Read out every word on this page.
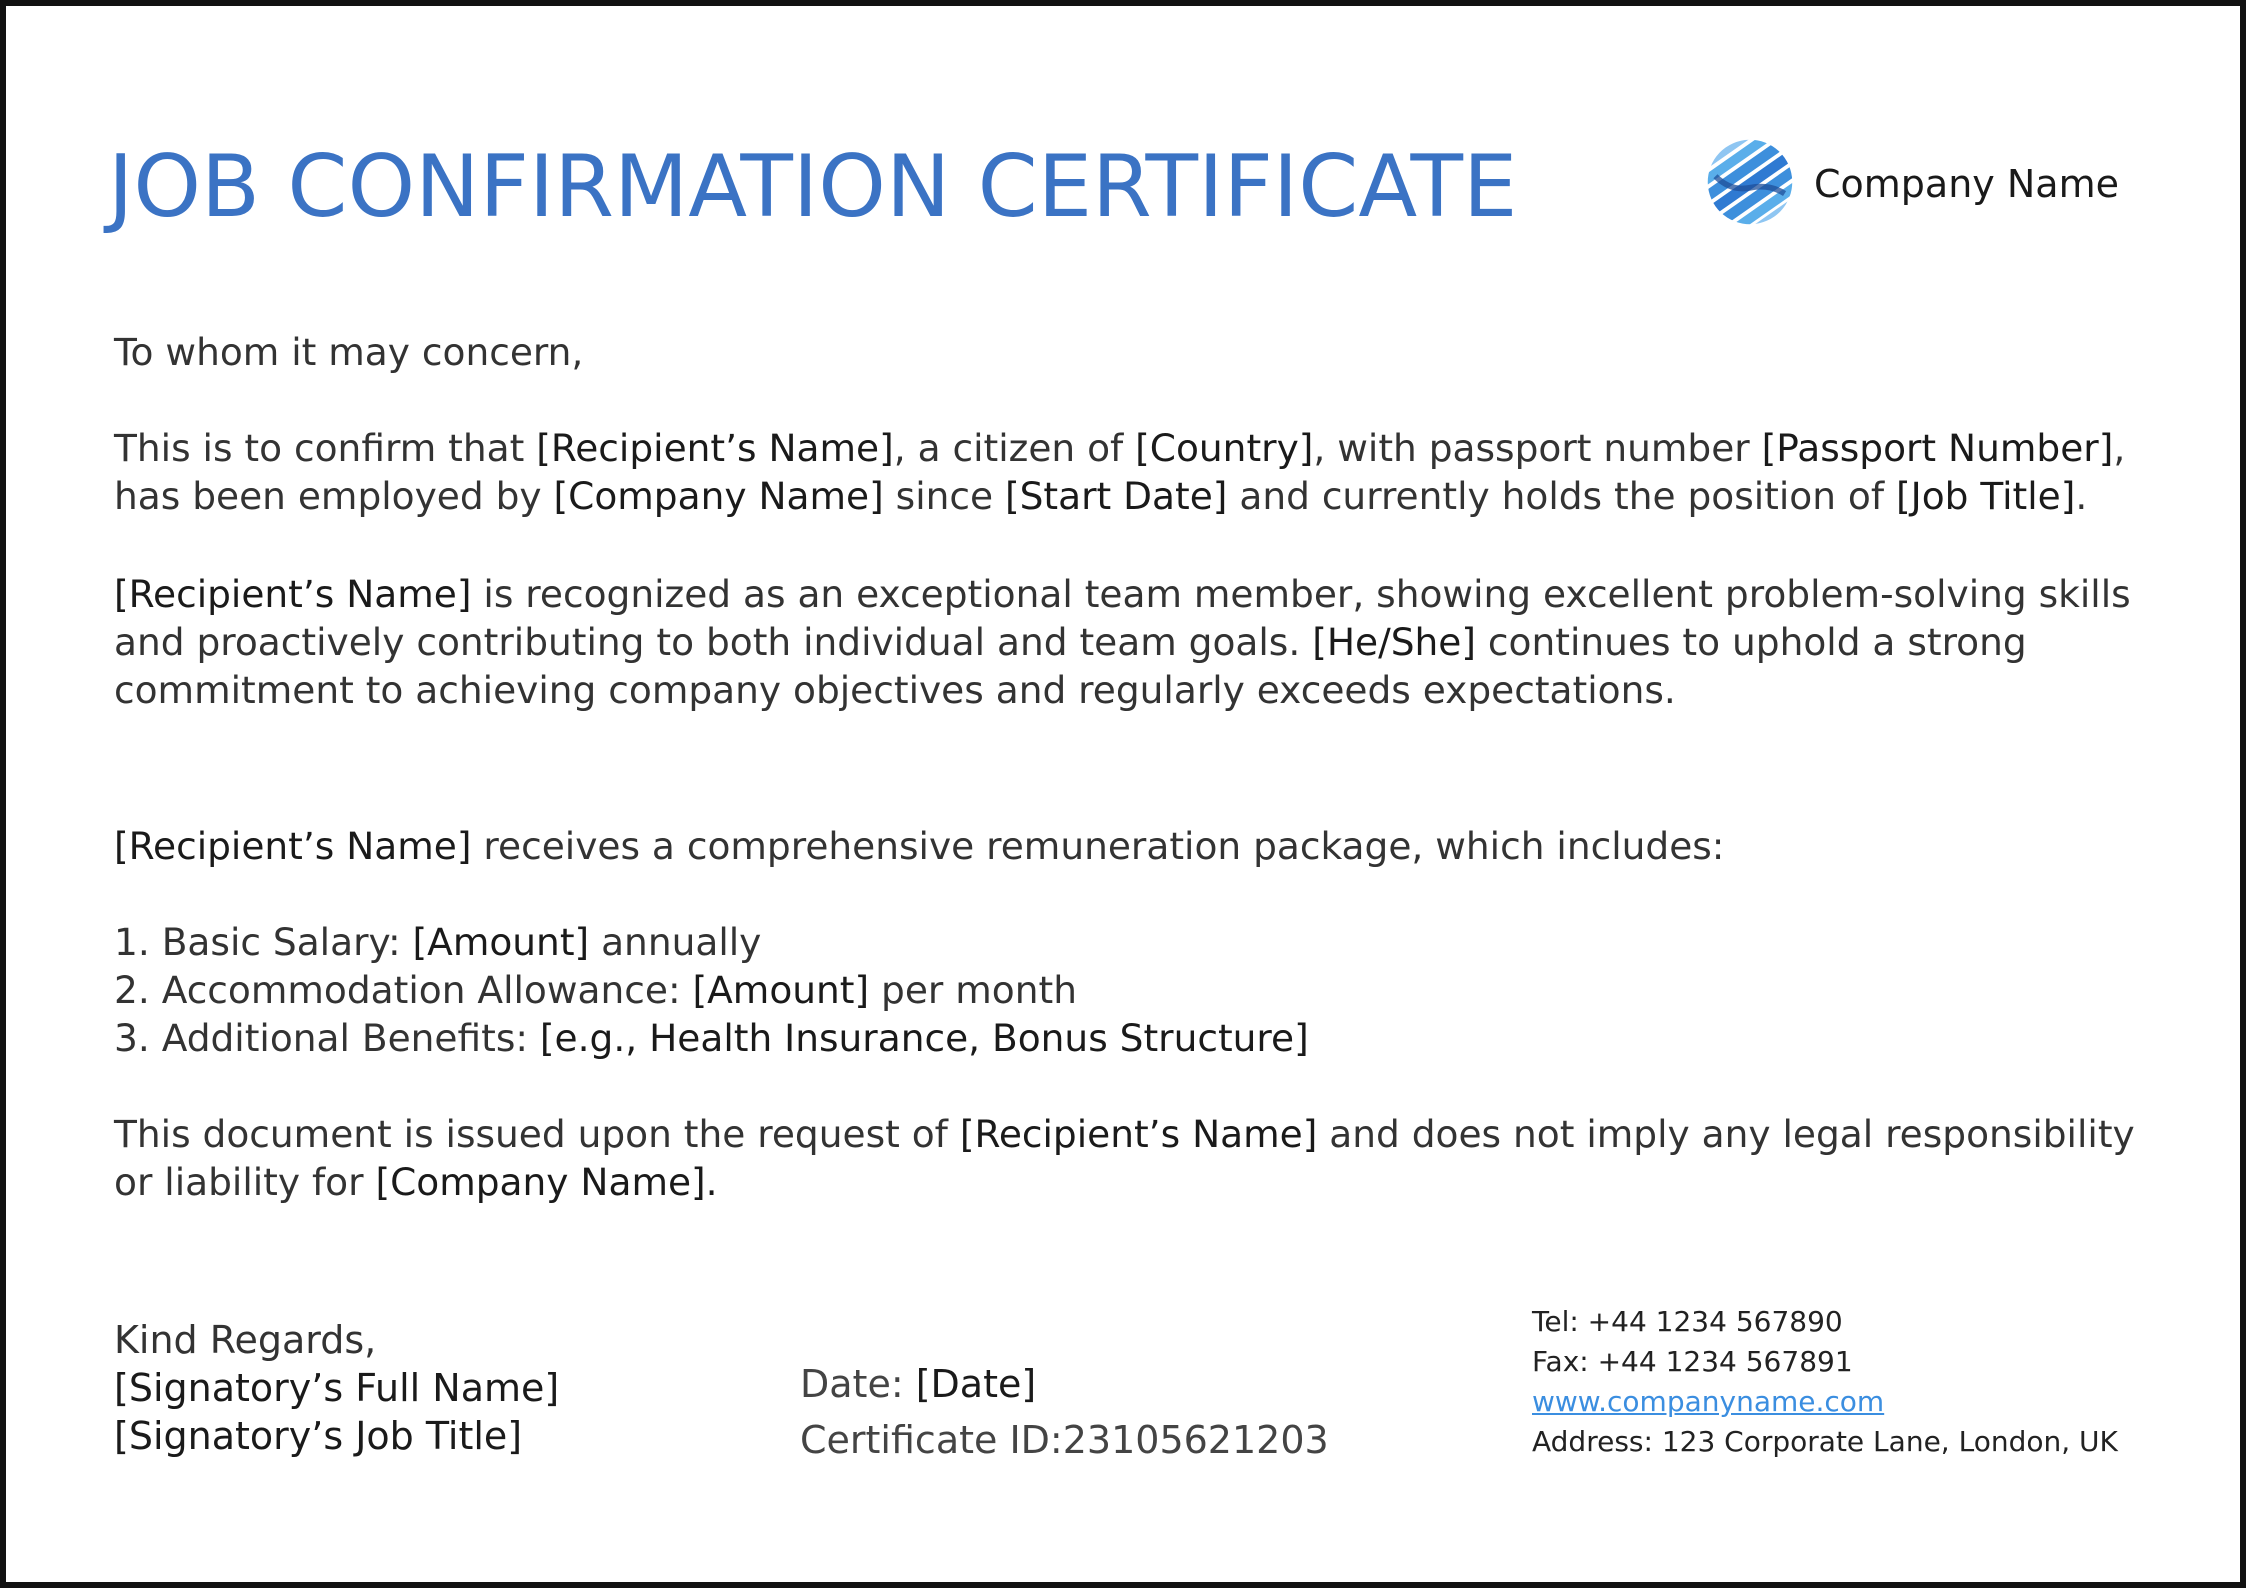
JOB CONFIRMATION CERTIFICATE	Company Name

To whom it may concern,

This is to confirm that [Recipient’s Name], a citizen of [Country], with passport number [Passport Number],
has been employed by [Company Name] since [Start Date] and currently holds the position of [Job Title].

[Recipient’s Name] is recognized as an exceptional team member, showing excellent problem-solving skills
and proactively contributing to both individual and team goals. [He/She] continues to uphold a strong
commitment to achieving company objectives and regularly exceeds expectations.

[Recipient’s Name] receives a comprehensive remuneration package, which includes:

1. Basic Salary: [Amount] annually
2. Accommodation Allowance: [Amount] per month
3. Additional Benefits: [e.g., Health Insurance, Bonus Structure]

This document is issued upon the request of [Recipient’s Name] and does not imply any legal responsibility
or liability for [Company Name].

Kind Regards,
[Signatory’s Full Name]
[Signatory’s Job Title]
Date: [Date]
Certificate ID:23105621203
Tel: +44 1234 567890
Fax: +44 1234 567891
www.companyname.com
Address: 123 Corporate Lane, London, UK
